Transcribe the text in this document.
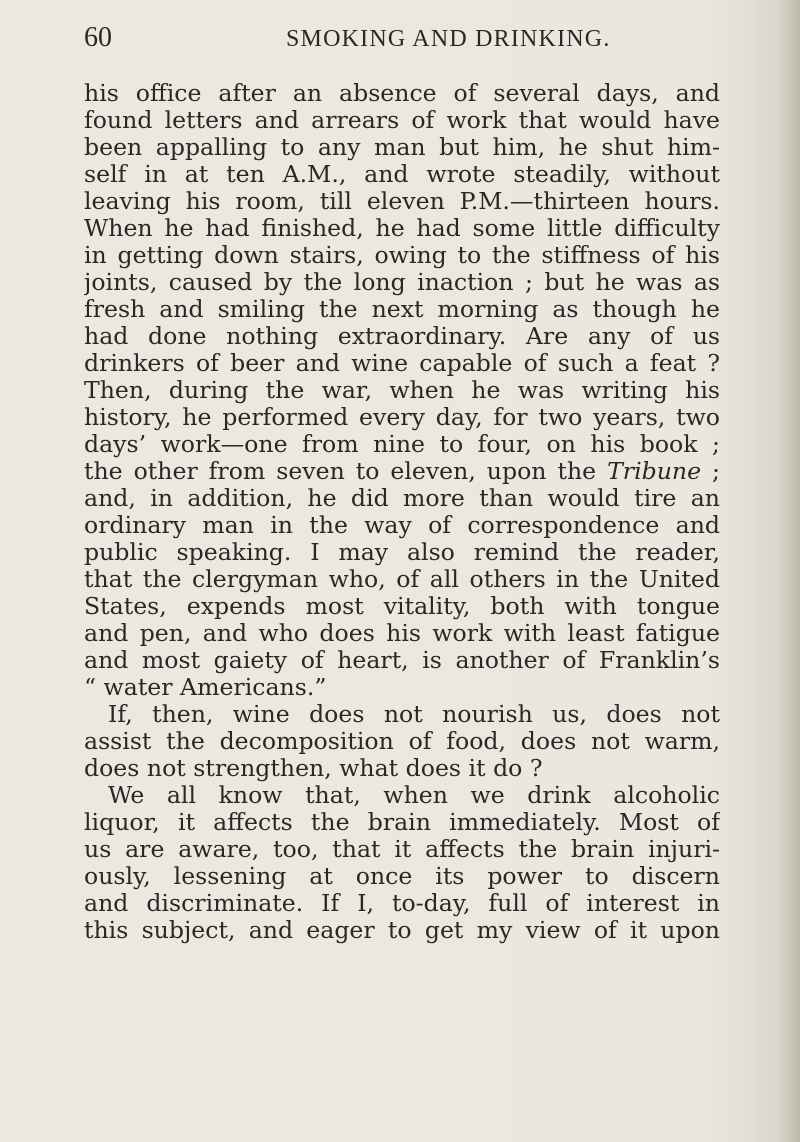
60	SMOKING AND DRINKING.
his office after an absence of several days, and
found letters and arrears of work that would have
been appalling to any man but him, he shut him-
self in at ten A.M., and wrote steadily, without
leaving his room, till eleven P.M.—thirteen hours.
When he had finished, he had some little difficulty
in getting down stairs, owing to the stiffness of his
joints, caused by the long inaction ; but he was as
fresh and smiling the next morning as though he
had done nothing extraordinary. Are any of us
drinkers of beer and wine capable of such a feat ?
Then, during the war, when he was writing his
history, he performed every day, for two years, two
days’ work—one from nine to four, on his book ;
the other from seven to eleven, upon the Tribune ;
and, in addition, he did more than would tire an
ordinary man in the way of correspondence and
public speaking. I may also remind the reader,
that the clergyman who, of all others in the United
States, expends most vitality, both with tongue
and pen, and who does his work with least fatigue
and most gaiety of heart, is another of Franklin’s
“ water Americans.”
If, then, wine does not nourish us, does not
assist the decomposition of food, does not warm,
does not strengthen, what does it do ?
We all know that, when we drink alcoholic
liquor, it affects the brain immediately. Most of
us are aware, too, that it affects the brain injuri-
ously, lessening at once its power to discern
and discriminate. If I, to-day, full of interest in
this subject, and eager to get my view of it upon
